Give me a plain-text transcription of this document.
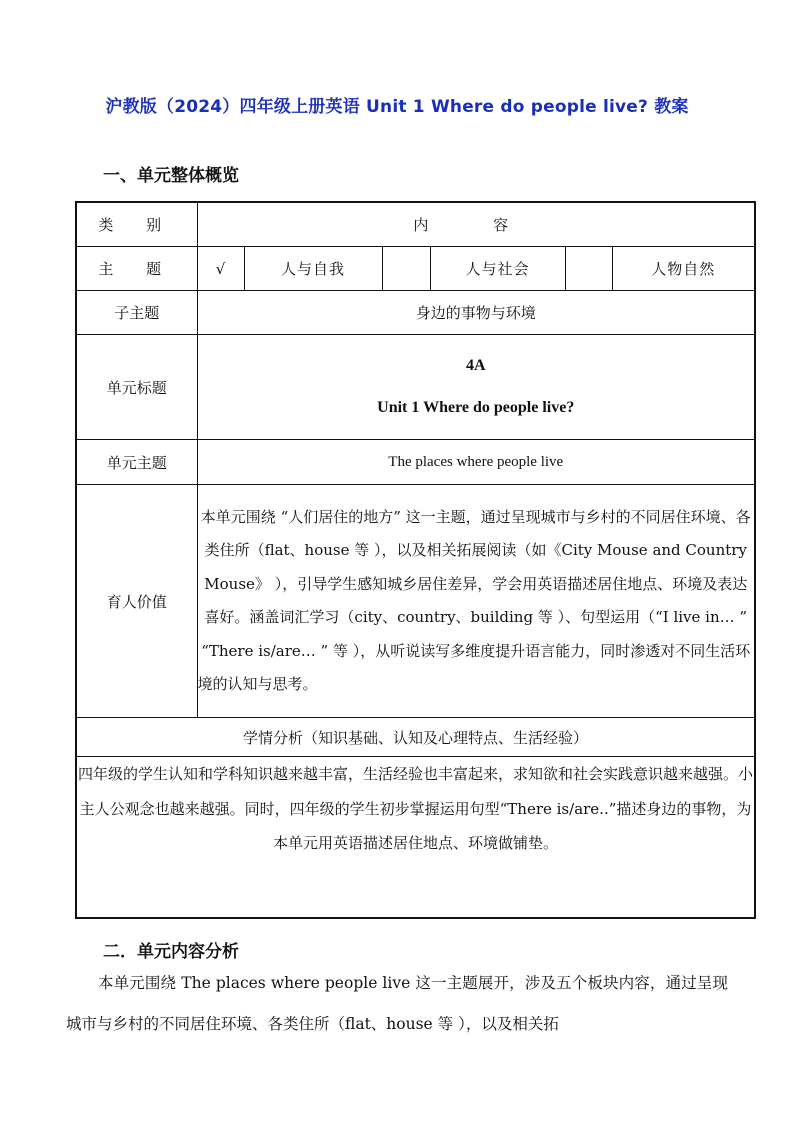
沪教版（2024）四年级上册英语 Unit 1 Where do people live? 教案
一、单元整体概览
类 别	内 容					
主 题	√	人与自我		人与社会		人物自然
子主题	身边的事物与环境					
单元标题	4A
Unit 1 Where do people live?					

单元主题	The places where people live					
育人价值	本单元围绕 “人们居住的地方” 这一主题，通过呈现城市与乡村的不同居住环境、各类住所（flat、house 等 ），以及相关拓展阅读（如《City Mouse and Country Mouse》 ），引导学生感知城乡居住差异，学会用英语描述居住地点、环境及表达喜好。涵盖词汇学习（city、country、building 等 ）、句型运用（“I live in… ” “There is/are… ” 等 ），从听说读写多维度提升语言能力，同时渗透对不同生活环境的认知与思考。					
学情分析（知识基础、认知及心理特点、生活经验）						
四年级的学生认知和学科知识越来越丰富，生活经验也丰富起来，求知欲和社会实践意识越来越强。小主人公观念也越来越强。同时，四年级的学生初步掌握运用句型“There is/are..”描述身边的事物，为本单元用英语描述居住地点、环境做铺垫。						
二．单元内容分析
本单元围绕 The places where people live 这一主题展开，涉及五个板块内容，通过呈现城市与乡村的不同居住环境、各类住所（flat、house 等 ），以及相关拓
